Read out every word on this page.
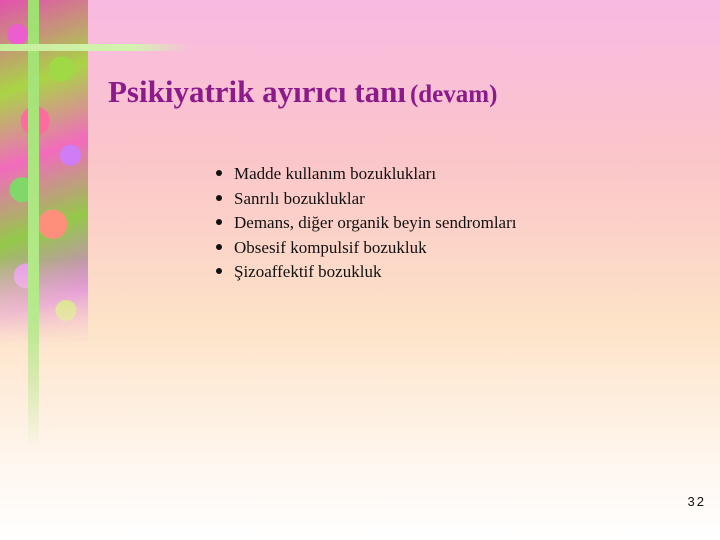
Psikiyatrik ayırıcı tanı (devam)
Madde kullanım bozuklukları
Sanrılı bozukluklar
Demans, diğer organik beyin sendromları
Obsesif kompulsif bozukluk
Şizoaffektif bozukluk
32
